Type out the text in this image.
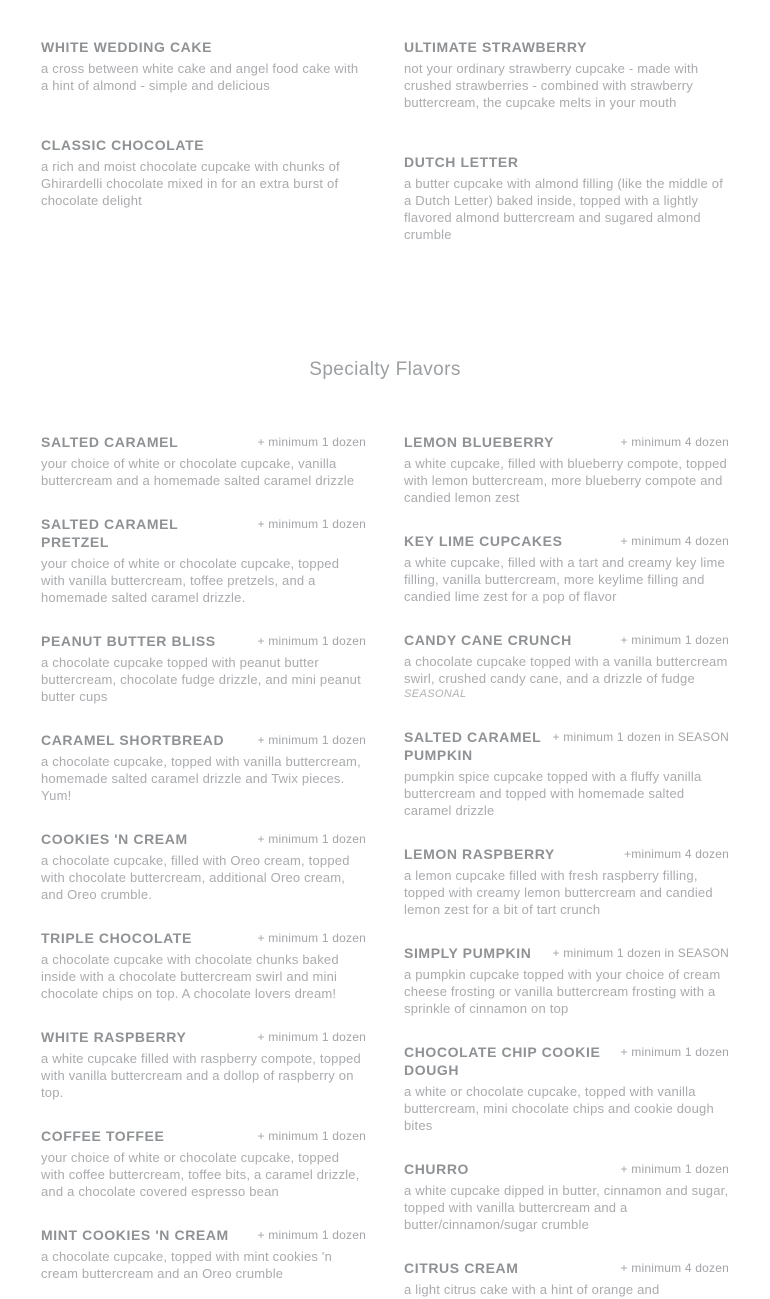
WHITE WEDDING CAKE
a cross between white cake and angel food cake with a hint of almond - simple and delicious
CLASSIC CHOCOLATE
a rich and moist chocolate cupcake with chunks of Ghirardelli chocolate mixed in for an extra burst of chocolate delight
ULTIMATE STRAWBERRY
not your ordinary strawberry cupcake - made with crushed strawberries - combined with strawberry buttercream, the cupcake melts in your mouth
DUTCH LETTER
a butter cupcake with almond filling (like the middle of a Dutch Letter) baked inside, topped with a lightly flavored almond buttercream and sugared almond crumble
Specialty Flavors
SALTED CARAMEL	+ minimum 1 dozen
your choice of white or chocolate cupcake, vanilla buttercream and a homemade salted caramel drizzle
SALTED CARAMEL PRETZEL
+ minimum 1 dozen
your choice of white or chocolate cupcake, topped with vanilla buttercream, toffee pretzels, and a homemade salted caramel drizzle.
PEANUT BUTTER BLISS	+ minimum 1 dozen
a chocolate cupcake topped with peanut butter buttercream, chocolate fudge drizzle, and mini peanut butter cups
CARAMEL SHORTBREAD	+ minimum 1 dozen
a chocolate cupcake, topped with vanilla buttercream, homemade salted caramel drizzle and Twix pieces. Yum!
COOKIES 'N CREAM	+ minimum 1 dozen
a chocolate cupcake, filled with Oreo cream, topped with chocolate buttercream, additional Oreo cream, and Oreo crumble.
TRIPLE CHOCOLATE	+ minimum 1 dozen
a chocolate cupcake with chocolate chunks baked inside with a chocolate buttercream swirl and mini chocolate chips on top. A chocolate lovers dream!
WHITE RASPBERRY	+ minimum 1 dozen
a white cupcake filled with raspberry compote, topped with vanilla buttercream and a dollop of raspberry on top.
COFFEE TOFFEE	+ minimum 1 dozen
your choice of white or chocolate cupcake, topped with coffee buttercream, toffee bits, a caramel drizzle, and a chocolate covered espresso bean
MINT COOKIES 'N CREAM + minimum 1 dozen
a chocolate cupcake, topped with mint cookies 'n cream buttercream and an Oreo crumble
LEMON BLUEBERRY	+ minimum 4 dozen
a white cupcake, filled with blueberry compote, topped with lemon buttercream, more blueberry compote and candied lemon zest
KEY LIME CUPCAKES	+ minimum 4 dozen
a white cupcake, filled with a tart and creamy key lime filling, vanilla buttercream, more keylime filling and candied lime zest for a pop of flavor
CANDY CANE CRUNCH	+ minimum 1 dozen
a chocolate cupcake topped with a vanilla buttercream swirl, crushed candy cane, and a drizzle of fudge
SEASONAL
SALTED CARAMEL PUMPKIN
+ minimum 1 dozen in SEASON
pumpkin spice cupcake topped with a fluffy vanilla buttercream and topped with homemade salted caramel drizzle
LEMON RASPBERRY	+minimum 4 dozen
a lemon cupcake filled with fresh raspberry filling, topped with creamy lemon buttercream and candied lemon zest for a bit of tart crunch
SIMPLY PUMPKIN + minimum 1 dozen in SEASON
a pumpkin cupcake topped with your choice of cream cheese frosting or vanilla buttercream frosting with a sprinkle of cinnamon on top
CHOCOLATE CHIP COOKIE DOUGH
+ minimum 1 dozen
a white or chocolate cupcake, topped with vanilla buttercream, mini chocolate chips and cookie dough bites
CHURRO	+ minimum 1 dozen
a white cupcake dipped in butter, cinnamon and sugar, topped with vanilla buttercream and a butter/cinnamon/sugar crumble
CITRUS CREAM	+ minimum 4 dozen
a light citrus cake with a hint of orange and
